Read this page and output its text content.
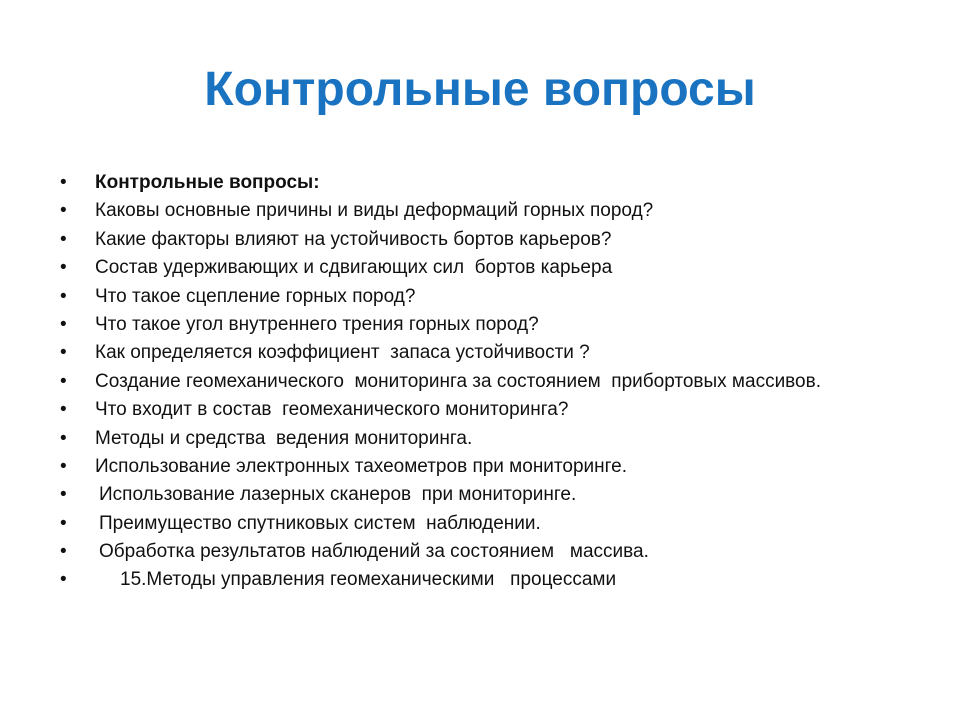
Контрольные вопросы
•	Контрольные вопросы:
•	Каковы основные причины и виды деформаций горных пород?
•	Какие факторы влияют на устойчивость бортов карьеров?
•	Состав удерживающих и сдвигающих сил  бортов карьера
•	Что такое сцепление горных пород?
•	Что такое угол внутреннего трения горных пород?
•	Как определяется коэффициент  запаса устойчивости ?
•	Создание геомеханического  мониторинга за состоянием  прибортовых массивов.
•	Что входит в состав  геомеханического мониторинга?
•	Методы и средства  ведения мониторинга.
•	Использование электронных тахеометров при мониторинге.
•	Использование лазерных сканеров  при мониторинге.
•	Преимущество спутниковых систем  наблюдении.
•	Обработка результатов наблюдений за состоянием   массива.
•	15.Методы управления геомеханическими   процессами
